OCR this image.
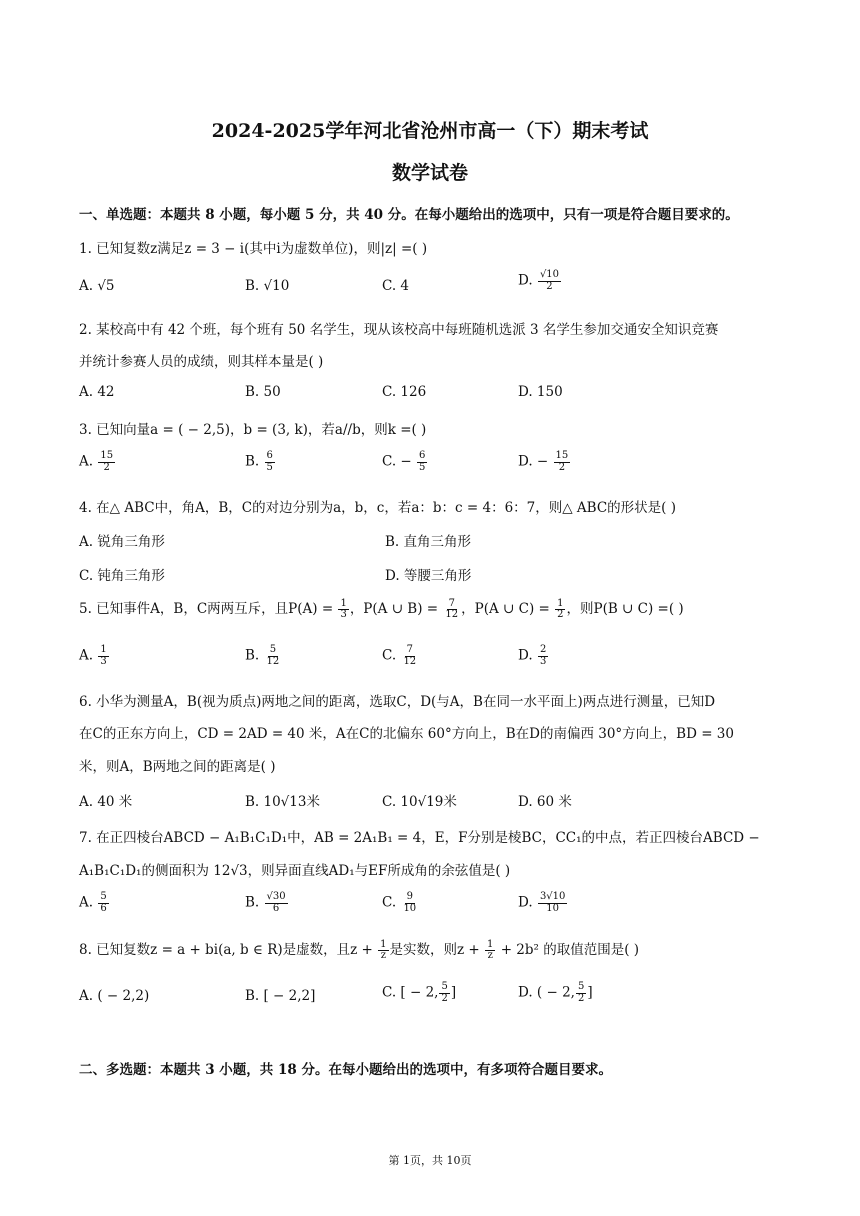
2024-2025学年河北省沧州市高一（下）期末考试
数学试卷
一、单选题：本题共 8 小题，每小题 5 分，共 40 分。在每小题给出的选项中，只有一项是符合题目要求的。
1. 已知复数z满足z = 3 − i(其中i为虚数单位)，则|z| =( )
A. √5	B. √10	C. 4	D. $\frac{√10}{2}$
2. 某校高中有 42 个班，每个班有 50 名学生，现从该校高中每班随机选派 3 名学生参加交通安全知识竞赛
并统计参赛人员的成绩，则其样本量是( )
A. 42	B. 50	C. 126	D. 150
3. 已知向量a = ( − 2,5)，b = (3, k)，若a//b，则k =( )
A. $\frac{15}{2}$	B. $\frac{6}{5}$	C. − $\frac{6}{5}$	D. − $\frac{15}{2}$
4. 在△ ABC中，角A，B，C的对边分别为a，b，c，若a：b：c = 4：6：7，则△ ABC的形状是( )
A. 锐角三角形	B. 直角三角形
C. 钝角三角形	D. 等腰三角形
5. 已知事件A，B，C两两互斥，且$P(A) = \frac{1}{3}$ ，P(A ∪ $B) = \frac{7}{12}$ ，P(A ∪ $C) = \frac{1}{2}$ ，则P(B ∪ C) =( )
A. $\frac{1}{3}$	B. $\frac{5}{12}$	C. $\frac{7}{12}$	D. $\frac{2}{3}$
6. 小华为测量A，B(视为质点)两地之间的距离，选取C，D(与A，B在同一水平面上)两点进行测量，已知D
在C的正东方向上，CD = 2AD = 40 米，A在C的北偏东 60°方向上，B在D的南偏西 30°方向上，BD = 30
米，则A，B两地之间的距离是( )
A. 40 米	B. 10√13米	C. 10√19米	D. 60 米
7. 在正四棱台ABCD − A₁B₁C₁D₁中，AB = 2A₁B₁ = 4，E，F分别是棱BC，CC₁的中点，若正四棱台ABCD −
A₁B₁C₁D₁的侧面积为 12√3，则异面直线AD₁与EF所成角的余弦值是( )
A. $\frac{5}{6}$	B. $\frac{√30}{6}$	C. $\frac{9}{10}$	D. $\frac{3√10}{10}$
8. 已知复数z = a + bi(a, b ∈ R)是虚数，且$z + \frac{1}{z}$ 是实数，则$z + \frac{1}{z} + 2b^2$ 的取值范围是( )
A. ( − 2,2)	B. [ − 2,2]	C. [ − 2, $\frac{5}{2}$ ]	D. ( − 2, $\frac{5}{2}$ ]
二、多选题：本题共 3 小题，共 18 分。在每小题给出的选项中，有多项符合题目要求。
第 1页，共 10页
